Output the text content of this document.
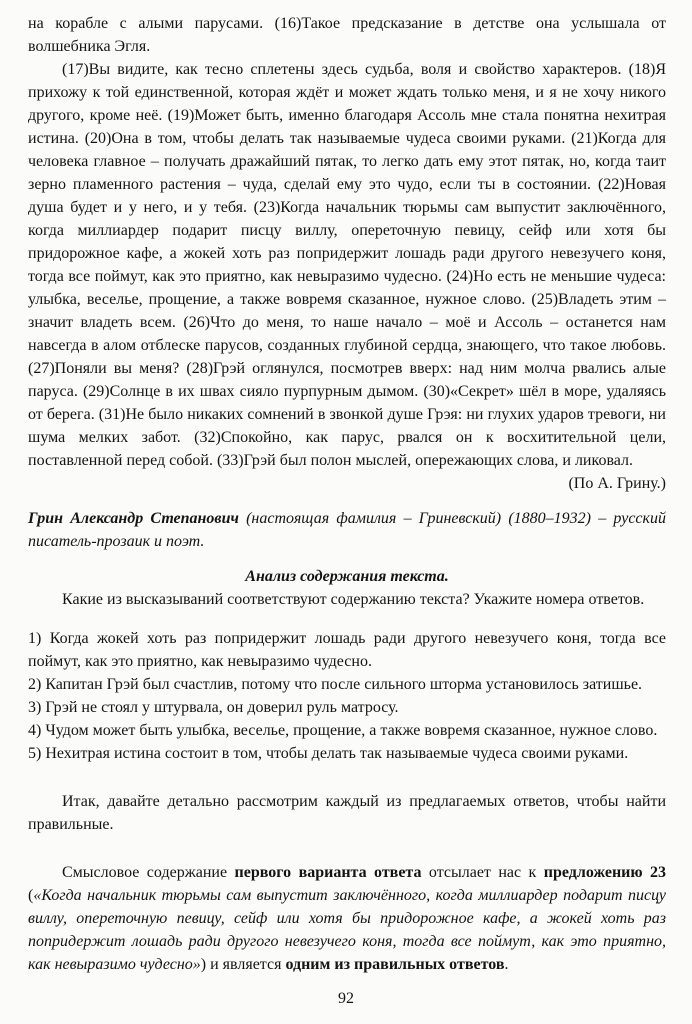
на корабле с алыми парусами. (16)Такое предсказание в детстве она услышала от волшебника Эгля.

(17)Вы видите, как тесно сплетены здесь судьба, воля и свойство характеров. (18)Я прихожу к той единственной, которая ждёт и может ждать только меня, и я не хочу никого другого, кроме неё. (19)Может быть, именно благодаря Ассоль мне стала понятна нехитрая истина. (20)Она в том, чтобы делать так называемые чудеса своими руками. (21)Когда для человека главное – получать дражайший пятак, то легко дать ему этот пятак, но, когда таит зерно пламенного растения – чуда, сделай ему это чудо, если ты в состоянии. (22)Новая душа будет и у него, и у тебя. (23)Когда начальник тюрьмы сам выпустит заключённого, когда миллиардер подарит писцу виллу, опереточную певицу, сейф или хотя бы придорожное кафе, а жокей хоть раз попридержит лошадь ради другого невезучего коня, тогда все поймут, как это приятно, как невыразимо чудесно. (24)Но есть не меньшие чудеса: улыбка, веселье, прощение, а также вовремя сказанное, нужное слово. (25)Владеть этим – значит владеть всем. (26)Что до меня, то наше начало – моё и Ассоль – останется нам навсегда в алом отблеске парусов, созданных глубиной сердца, знающего, что такое любовь. (27)Поняли вы меня? (28)Грэй оглянулся, посмотрев вверх: над ним молча рвались алые паруса. (29)Солнце в их швах сияло пурпурным дымом. (30)«Секрет» шёл в море, удаляясь от берега. (31)Не было никаких сомнений в звонкой душе Грэя: ни глухих ударов тревоги, ни шума мелких забот. (32)Спокойно, как парус, рвался он к восхитительной цели, поставленной перед собой. (33)Грэй был полон мыслей, опережающих слова, и ликовал.

(По А. Грину.)

Грин Александр Степанович (настоящая фамилия – Гриневский) (1880–1932) – русский писатель-прозаик и поэт.

Анализ содержания текста.

Какие из высказываний соответствуют содержанию текста? Укажите номера ответов.

1) Когда жокей хоть раз попридержит лошадь ради другого невезучего коня, тогда все поймут, как это приятно, как невыразимо чудесно.

2) Капитан Грэй был счастлив, потому что после сильного шторма установилось затишье.

3) Грэй не стоял у штурвала, он доверил руль матросу.

4) Чудом может быть улыбка, веселье, прощение, а также вовремя сказанное, нужное слово.

5) Нехитрая истина состоит в том, чтобы делать так называемые чудеса своими руками.

Итак, давайте детально рассмотрим каждый из предлагаемых ответов, чтобы найти правильные.

Смысловое содержание первого варианта ответа отсылает нас к предложению 23 («Когда начальник тюрьмы сам выпустит заключённого, когда миллиардер подарит писцу виллу, опереточную певицу, сейф или хотя бы придорожное кафе, а жокей хоть раз попридержит лошадь ради другого невезучего коня, тогда все поймут, как это приятно, как невыразимо чудесно») и является одним из правильных ответов.

92
